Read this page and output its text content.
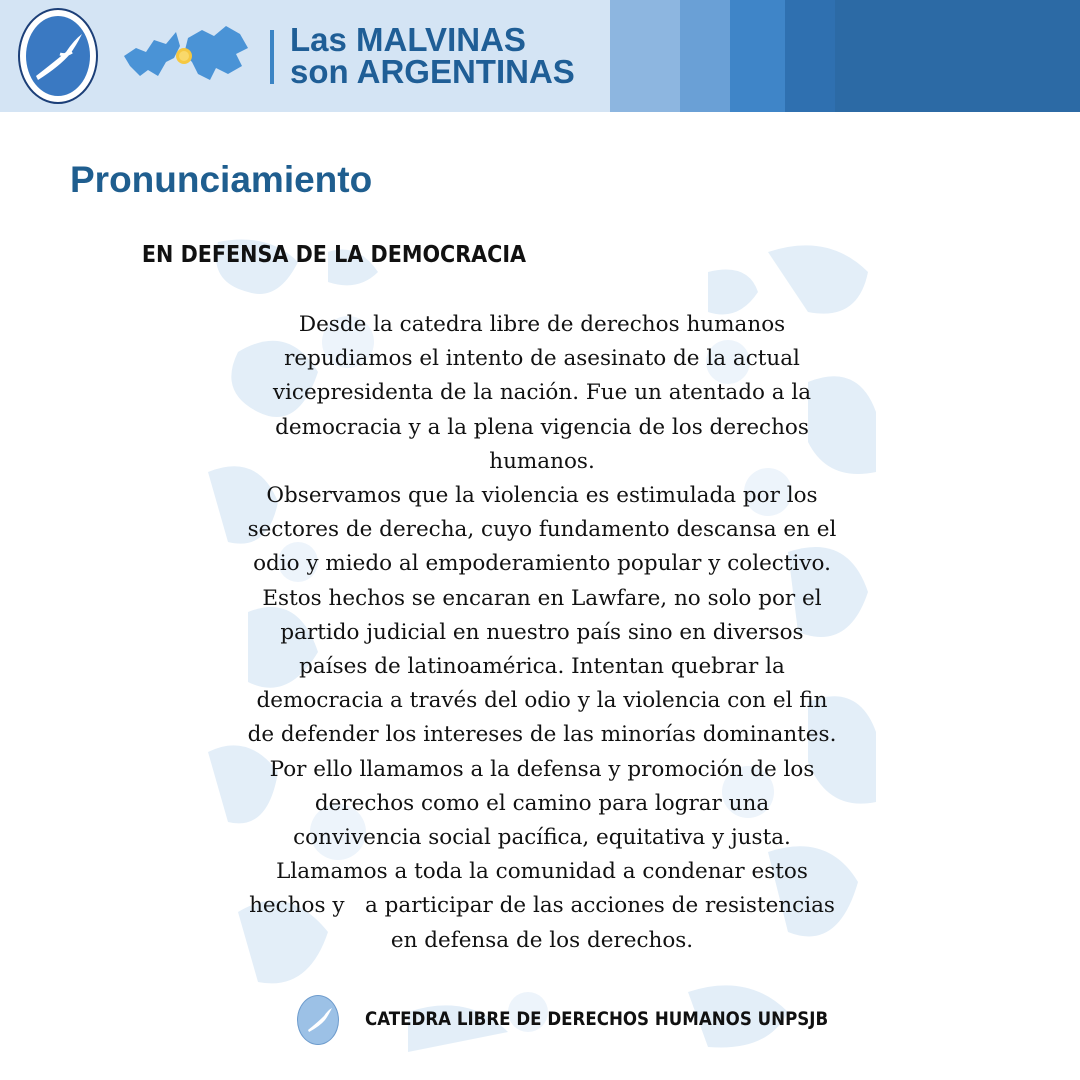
Las MALVINAS
son ARGENTINAS
Pronunciamiento
EN DEFENSA DE LA DEMOCRACIA

Desde la catedra libre de derechos humanos

repudiamos el intento de asesinato de la actual

vicepresidenta de la nación. Fue un atentado a la

democracia y a la plena vigencia de los derechos

humanos.

Observamos que la violencia es estimulada por los

sectores de derecha, cuyo fundamento descansa en el

odio y miedo al empoderamiento popular y colectivo.

Estos hechos se encaran en Lawfare, no solo por el

partido judicial en nuestro país sino en diversos

países de latinoamérica. Intentan quebrar la

democracia a través del odio y la violencia con el fin

de defender los intereses de las minorías dominantes.

Por ello llamamos a la defensa y promoción de los

derechos como el camino para lograr una

convivencia social pacífica, equitativa y justa.

Llamamos a toda la comunidad a condenar estos

hechos y   a participar de las acciones de resistencias

en defensa de los derechos.

CATEDRA LIBRE DE DERECHOS HUMANOS UNPSJB
